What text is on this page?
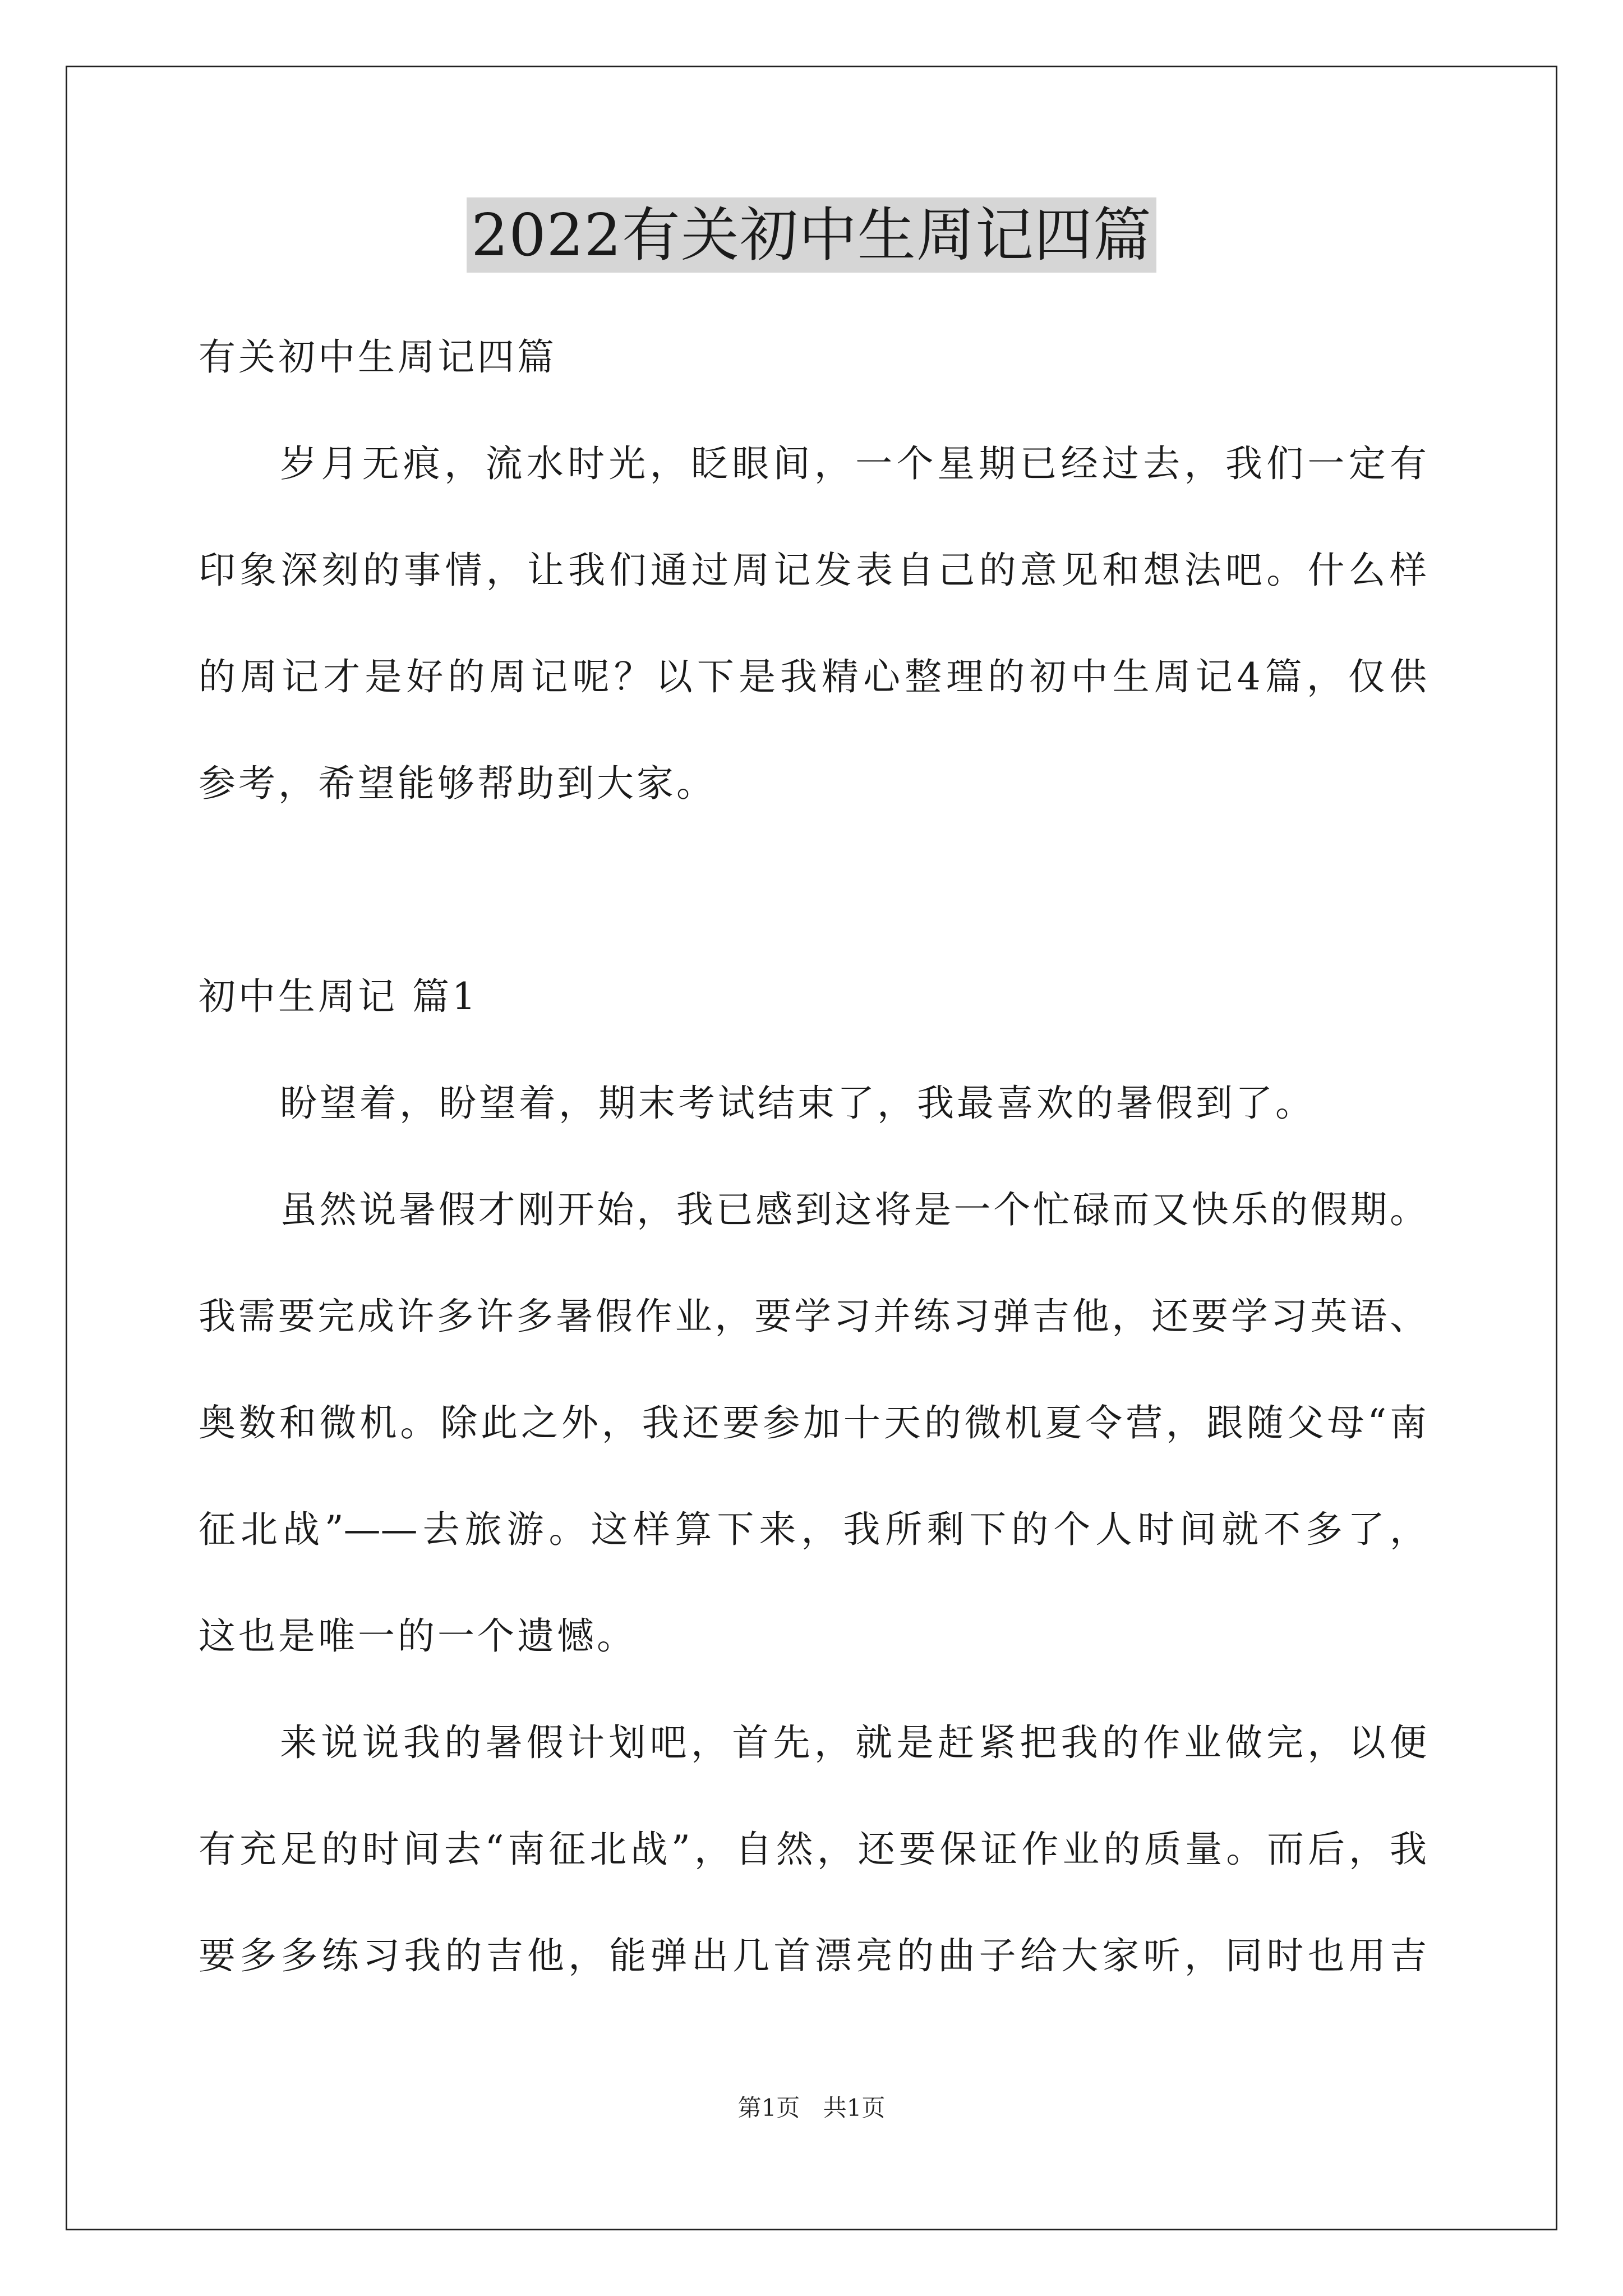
2022有关初中生周记四篇
有关初中生周记四篇
岁月无痕，流水时光，眨眼间，一个星期已经过去，我们一定有
印象深刻的事情，让我们通过周记发表自己的意见和想法吧。什么样
的周记才是好的周记呢？以下是我精心整理的初中生周记4篇，仅供
参考，希望能够帮助到大家。
初中生周记 篇1
盼望着，盼望着，期末考试结束了，我最喜欢的暑假到了。
虽然说暑假才刚开始，我已感到这将是一个忙碌而又快乐的假期。
我需要完成许多许多暑假作业，要学习并练习弹吉他，还要学习英语、
奥数和微机。除此之外，我还要参加十天的微机夏令营，跟随父母“南
征北战”——去旅游。这样算下来，我所剩下的个人时间就不多了，
这也是唯一的一个遗憾。
来说说我的暑假计划吧，首先，就是赶紧把我的作业做完，以便
有充足的时间去“南征北战”，自然，还要保证作业的质量。而后，我
要多多练习我的吉他，能弹出几首漂亮的曲子给大家听，同时也用吉
第1页 共1页
